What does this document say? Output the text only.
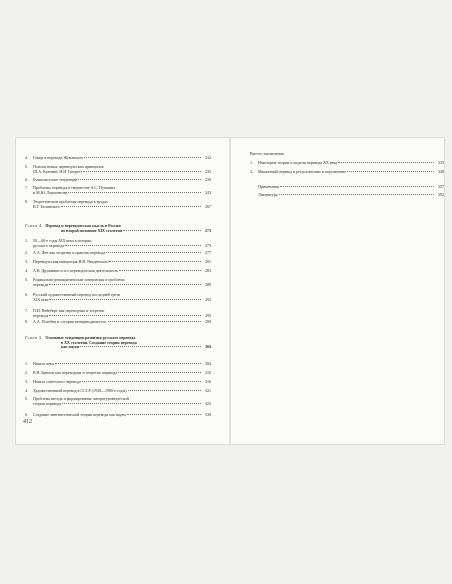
4.	Гомер в переводе Жуковского	232
5.	Поиски новых переводческих принципов
(П.А. Катенин, Н.И. Гнедич)	235
6.	Буквалистские тенденции	239
7.	Проблемы перевода в творчестве А.С. Пушкина
и М.Ю. Лермонтова	243
8.	Теоретические проблемы перевода в трудах
В.Г. Белинского	267
Глава 4. Перевод и переводческая мысль в России
во второй половине XIX столетия	273
1.	50—60-е годы XIX века в истории
русского перевода	273
2.	А.А. Фет как теоретик и практик перевода	277
3.	Переводческая концепция И.И. Введенского	281
4.	А.В. Дружинин и его переводческая деятельность	283
5.	Радикально-демократические литераторы и проблема
перевода	288
6.	Русский художественный перевод последней трети
XIX века	292
7.	П.И. Вейнберг как переводчик и теоретик
перевода	295
8.	А.А. Потебня и «теория непереводимости»	299
Глава 5. Основные тенденции развития русского перевода
в XX столетии. Создание теории перевода
как науки	304
1.	Начало века	304
2.	В.Я. Брюсов как переводчик и теоретик перевода	310
3.	Начало советского перевода	316
4.	Художественный перевод в СССР (1930—1980-е годы)	321
5.	Проблема метода и формирование литературоведческой
теории перевода	325
6.	Создание лингвистической теории перевода как науки	330
412
Вместо заключения
1.	Некоторые теории и модели перевода XX века	335
2.	Машинный перевод в ретроспективе и перспективе	348
Примечания	357
Литература	392
